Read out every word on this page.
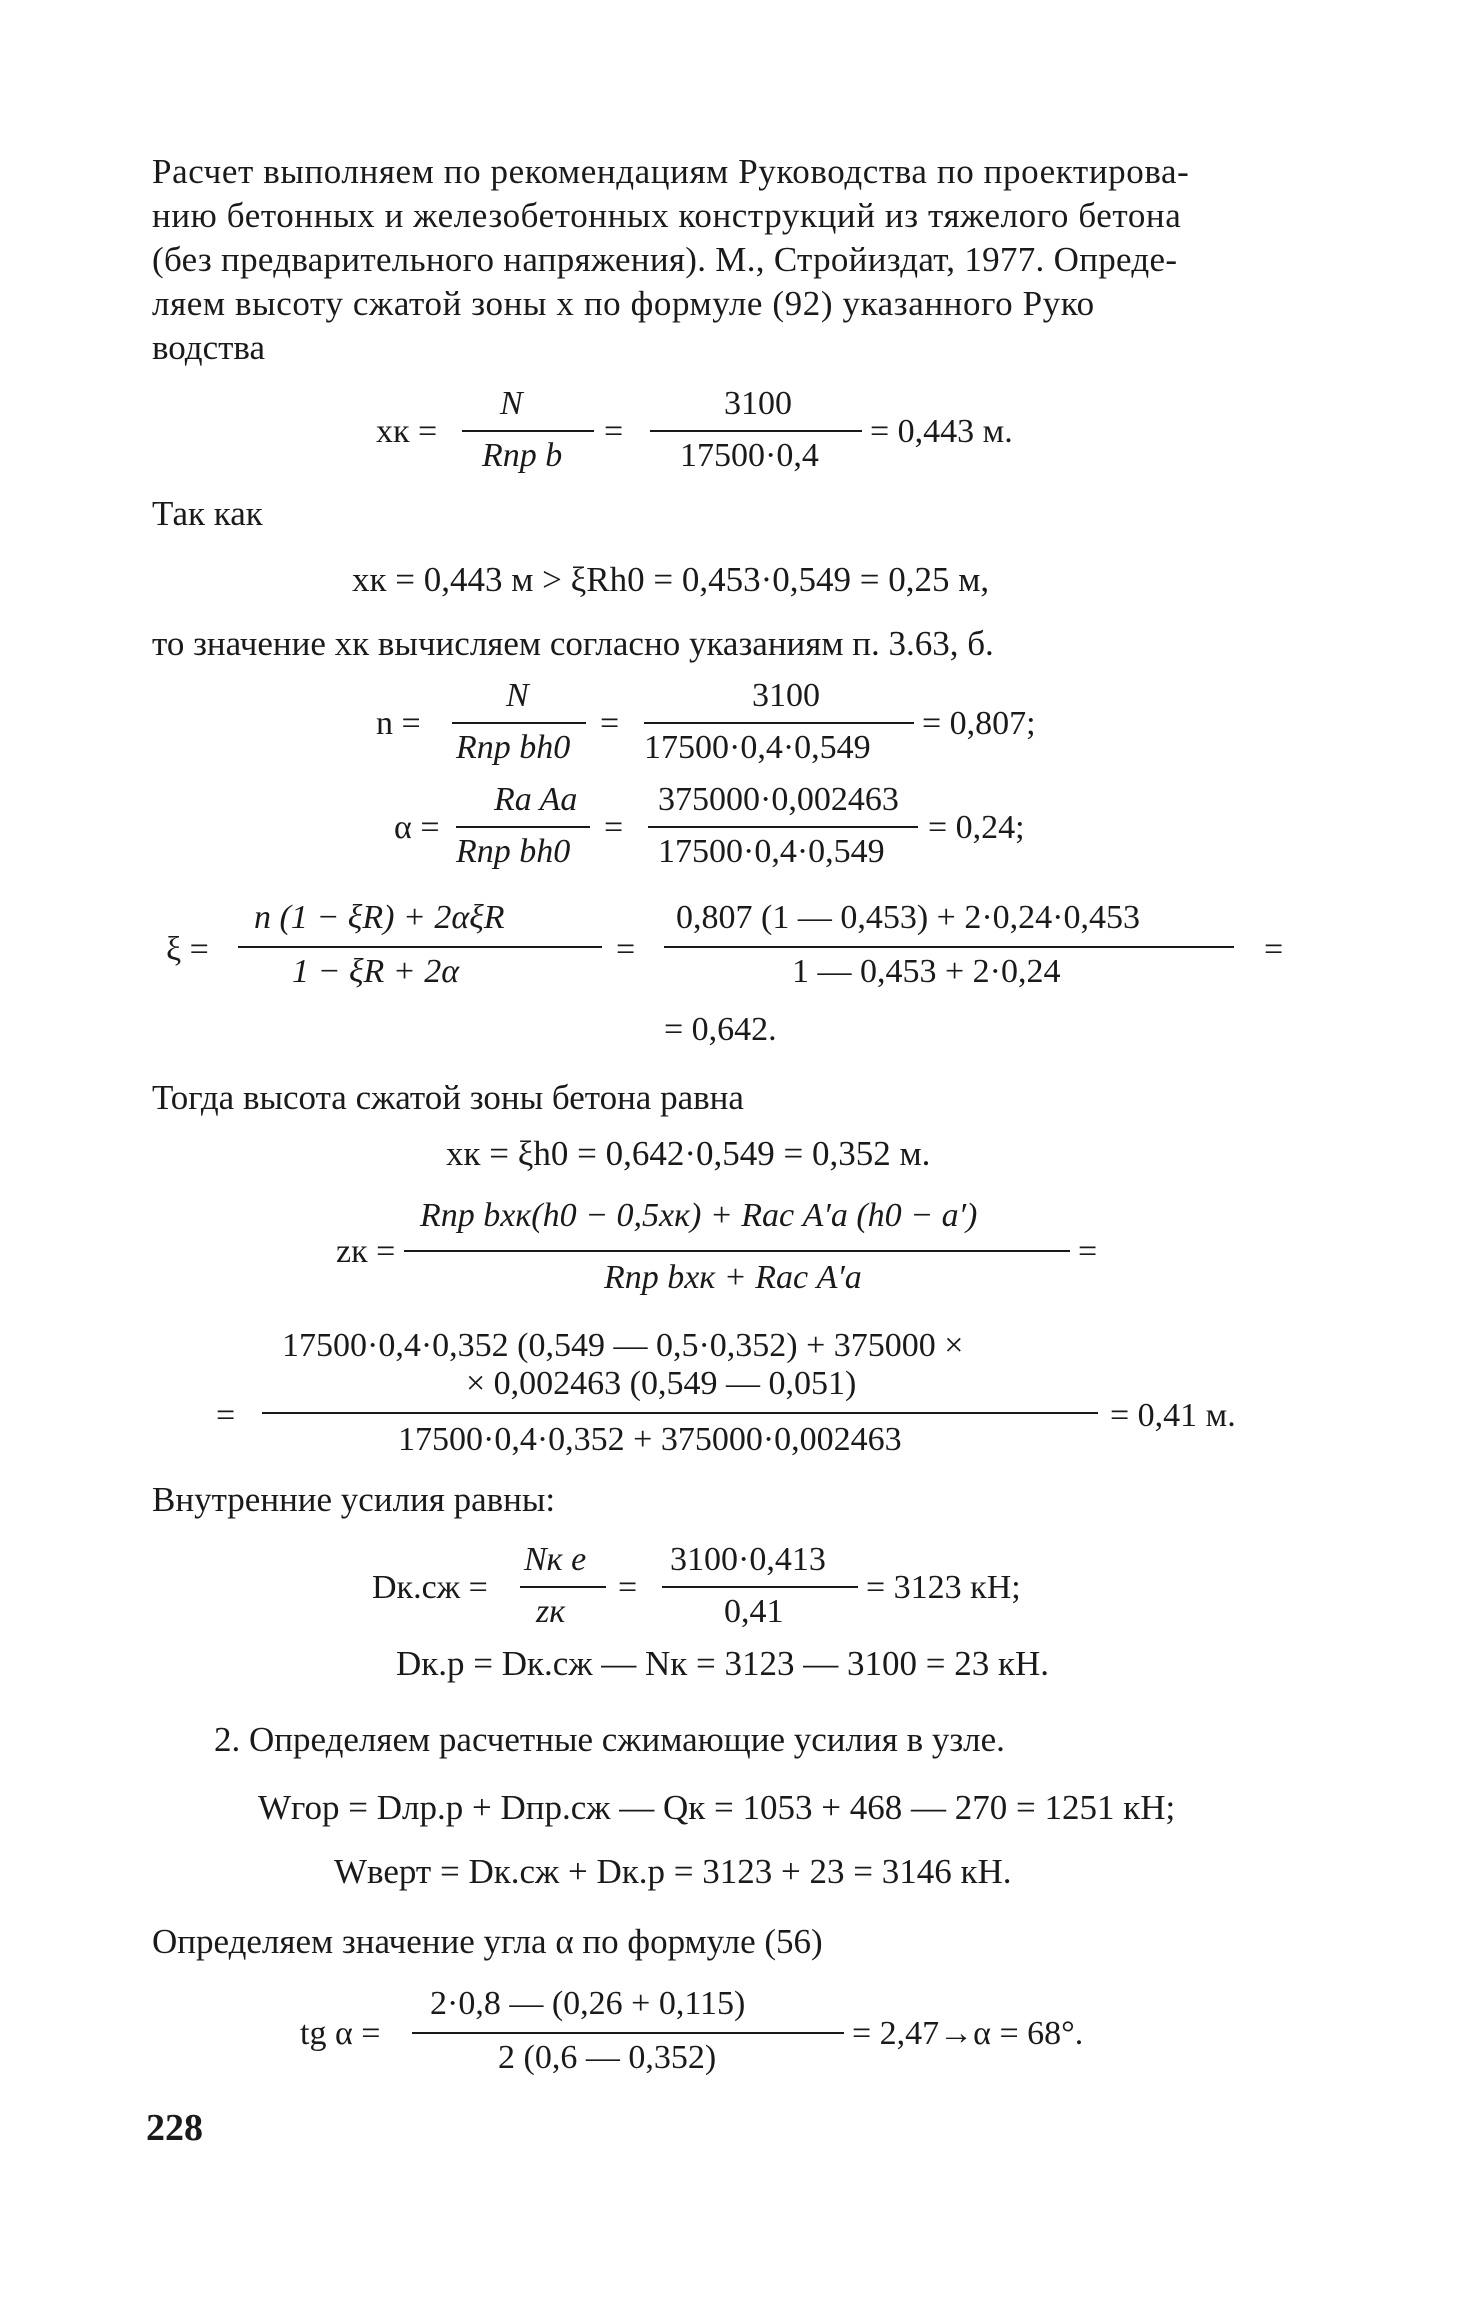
Расчет выполняем по рекомендациям Руководства по проектирова-
нию бетонных и железобетонных конструкций из тяжелого бетона
(без предварительного напряжения). М., Стройиздат, 1977. Опреде-
ляем высоту сжатой зоны x по формуле (92) указанного Руко
водства
xк =
N
Rпр b
=
3100
17500·0,4
= 0,443 м.
Так как
xк = 0,443 м > ξRh0 = 0,453·0,549 = 0,25 м,
то значение xк вычисляем согласно указаниям п. 3.63, б.
n =
N
Rпр bh0
=
3100
17500·0,4·0,549
= 0,807;
α =
Ra Aa
Rпр bh0
=
375000·0,002463
17500·0,4·0,549
= 0,24;
ξ =
n (1 − ξR) + 2αξR
1 − ξR + 2α
=
0,807 (1 — 0,453) + 2·0,24·0,453
1 — 0,453 + 2·0,24
=
= 0,642.
Тогда высота сжатой зоны бетона равна
xк = ξh0 = 0,642·0,549 = 0,352 м.
zк =
Rпр bxк(h0 − 0,5xк) + Rас A′a (h0 − a′)
Rпр bxк + Rас A′a
=
17500·0,4·0,352 (0,549 — 0,5·0,352) + 375000 ×
× 0,002463 (0,549 — 0,051)
=
17500·0,4·0,352 + 375000·0,002463
= 0,41 м.
Внутренние усилия равны:
Dк.сж =
Nк e
zк
=
3100·0,413
0,41
= 3123 кН;
Dк.р = Dк.сж — Nк = 3123 — 3100 = 23 кН.
2. Определяем расчетные сжимающие усилия в узле.
Wгор = Dлр.р + Dпр.сж — Qк = 1053 + 468 — 270 = 1251 кН;
Wверт = Dк.сж + Dк.р = 3123 + 23 = 3146 кН.
Определяем значение угла α по формуле (56)
tg α =
2·0,8 — (0,26 + 0,115)
2 (0,6 — 0,352)
= 2,47→α = 68°.
228
